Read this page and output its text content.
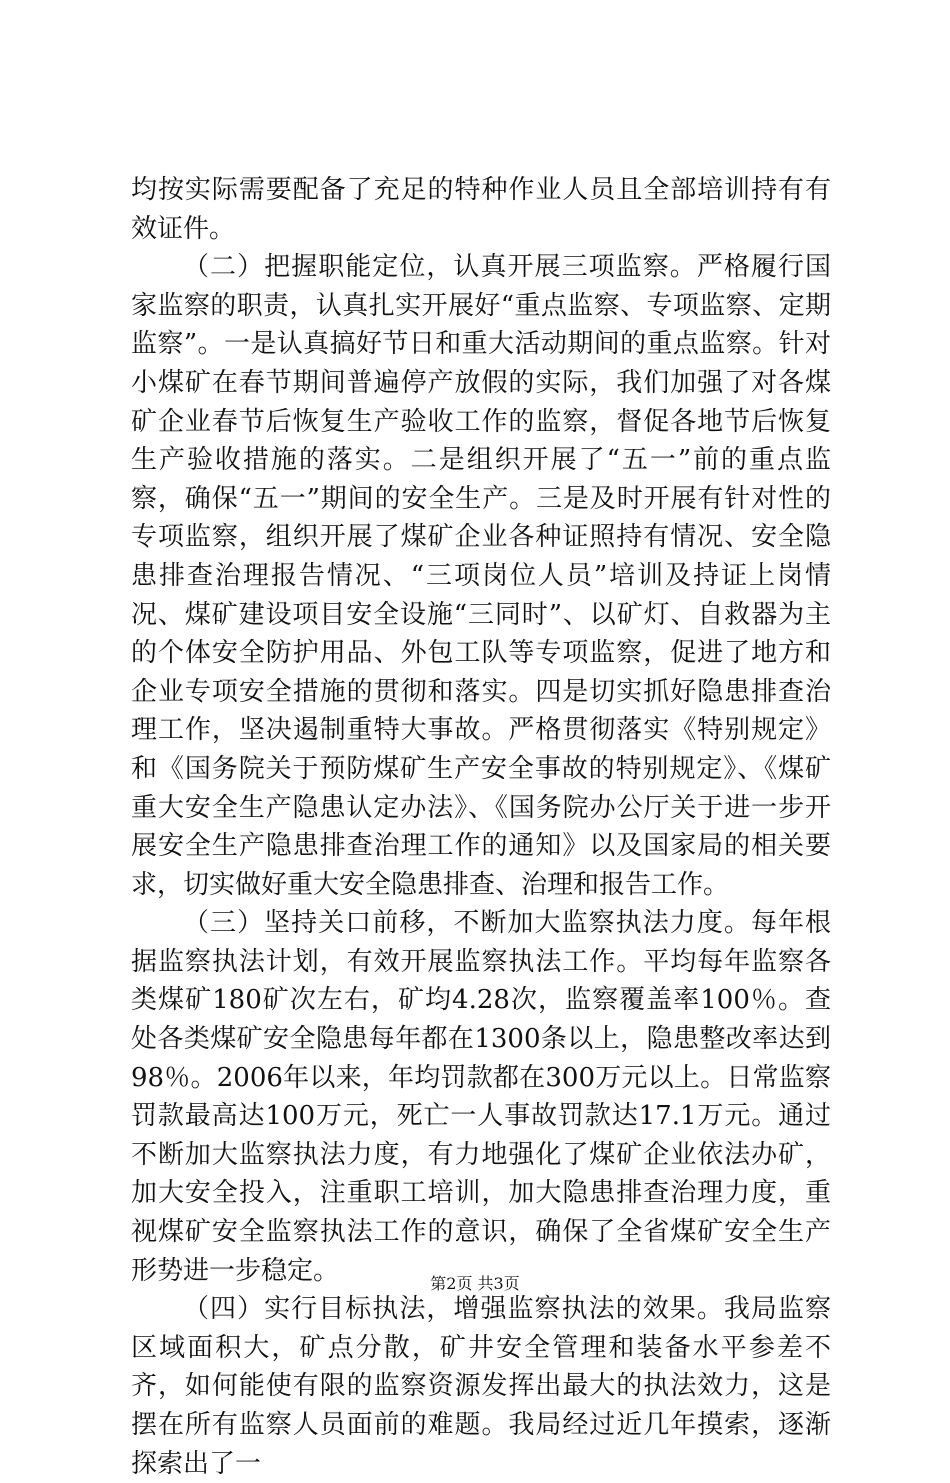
均按实际需要配备了充足的特种作业人员且全部培训持有有效证件。

（二）把握职能定位，认真开展三项监察。严格履行国家监察的职责，认真扎实开展好“重点监察、专项监察、定期监察”。一是认真搞好节日和重大活动期间的重点监察。针对小煤矿在春节期间普遍停产放假的实际，我们加强了对各煤矿企业春节后恢复生产验收工作的监察，督促各地节后恢复生产验收措施的落实。二是组织开展了“五一”前的重点监察，确保“五一”期间的安全生产。三是及时开展有针对性的专项监察，组织开展了煤矿企业各种证照持有情况、安全隐患排查治理报告情况、“三项岗位人员”培训及持证上岗情况、煤矿建设项目安全设施“三同时”、以矿灯、自救器为主的个体安全防护用品、外包工队等专项监察，促进了地方和企业专项安全措施的贯彻和落实。四是切实抓好隐患排查治理工作，坚决遏制重特大事故。严格贯彻落实《特别规定》和《国务院关于预防煤矿生产安全事故的特别规定》、《煤矿重大安全生产隐患认定办法》、《国务院办公厅关于进一步开展安全生产隐患排查治理工作的通知》以及国家局的相关要求，切实做好重大安全隐患排查、治理和报告工作。

（三）坚持关口前移，不断加大监察执法力度。每年根据监察执法计划，有效开展监察执法工作。平均每年监察各类煤矿180矿次左右，矿均4.28次，监察覆盖率100％。查处各类煤矿安全隐患每年都在1300条以上，隐患整改率达到98％。2006年以来，年均罚款都在300万元以上。日常监察罚款最高达100万元，死亡一人事故罚款达17.1万元。通过不断加大监察执法力度，有力地强化了煤矿企业依法办矿，加大安全投入，注重职工培训，加大隐患排查治理力度，重视煤矿安全监察执法工作的意识，确保了全省煤矿安全生产形势进一步稳定。

（四）实行目标执法，增强监察执法的效果。我局监察区域面积大，矿点分散，矿井安全管理和装备水平参差不齐，如何能使有限的监察资源发挥出最大的执法效力，这是摆在所有监察人员面前的难题。我局经过近几年摸索，逐渐探索出了一

第2页 共3页
